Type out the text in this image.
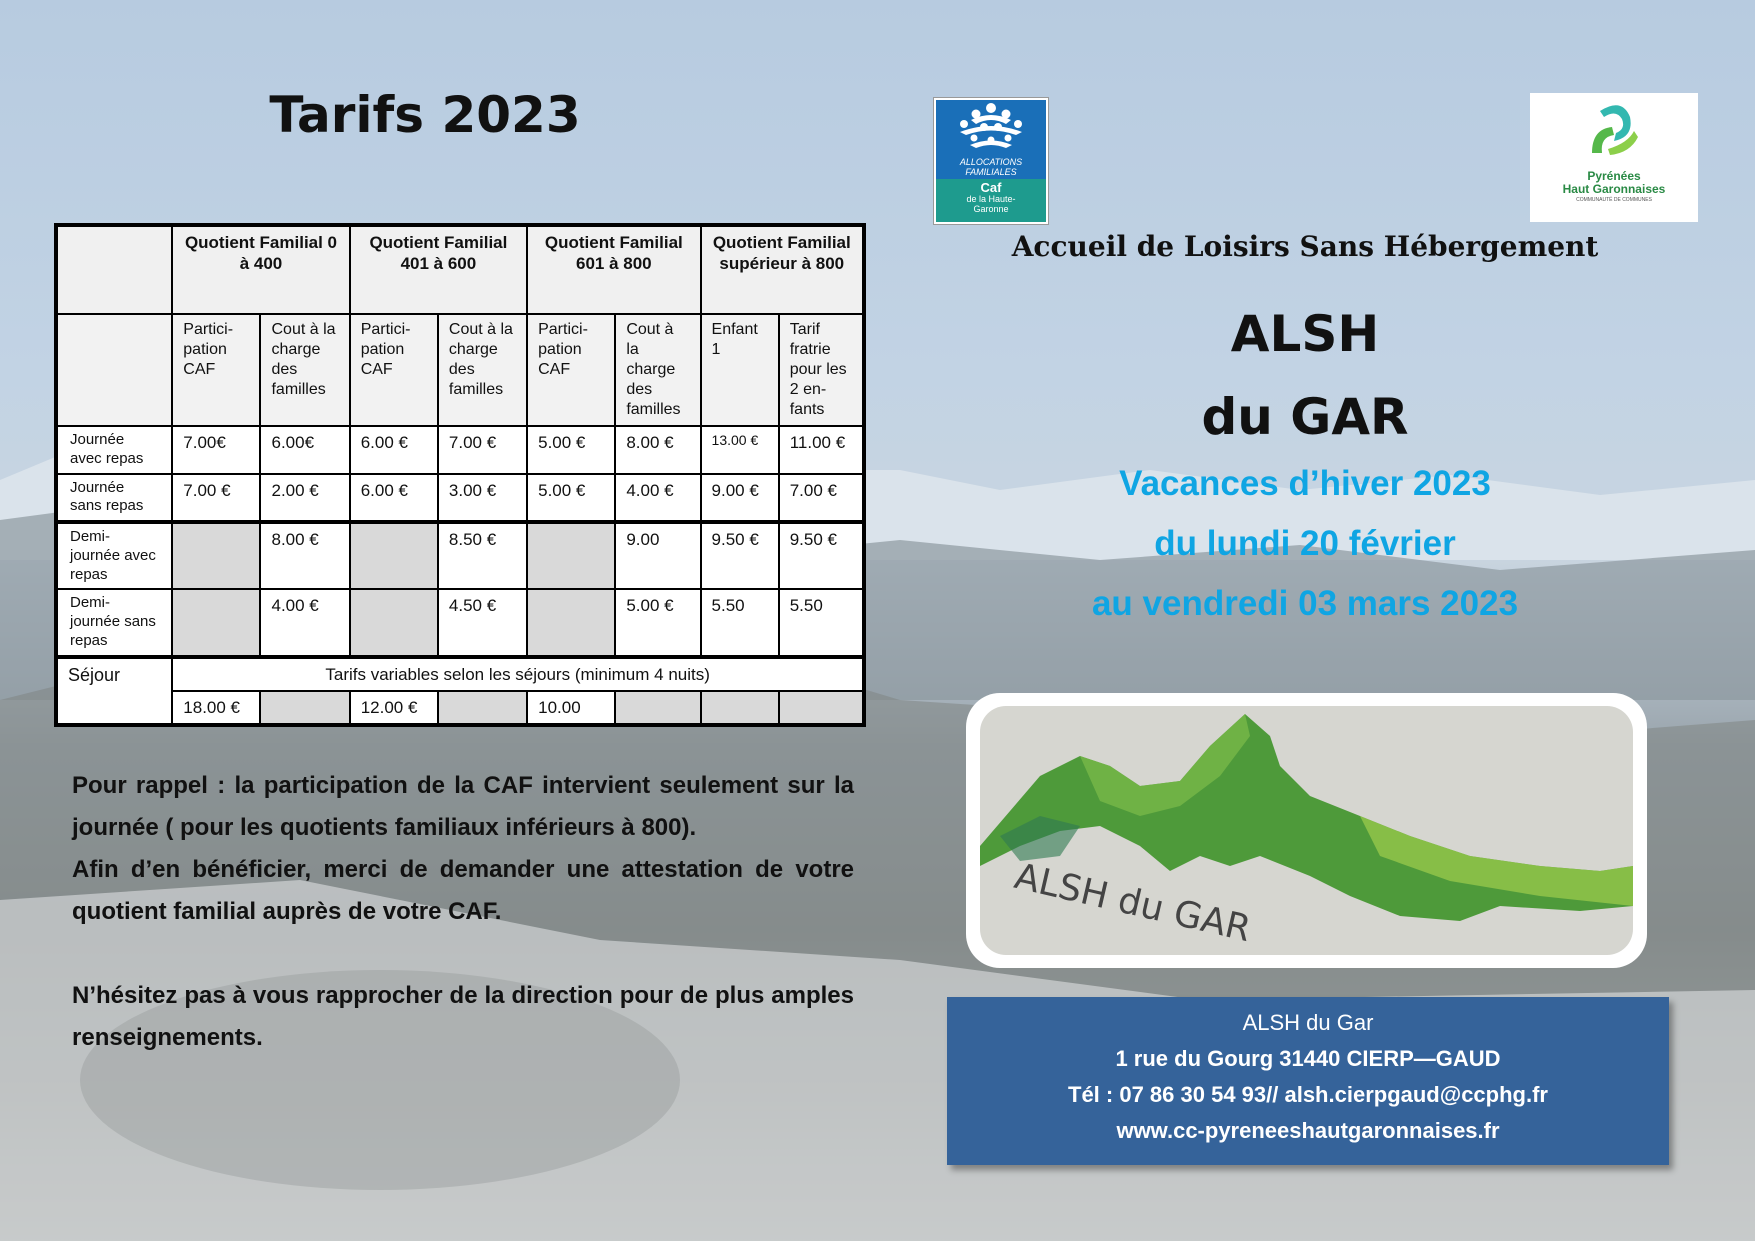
Tarifs 2023
	Quotient Familial 0 à 400		Quotient Familial 401 à 600		Quotient Familial 601 à 800		Quotient Familial supérieur à 800	
	Partici-pation CAF	Cout à la charge des familles	Partici-pation CAF	Cout à la charge des familles	Partici-pation CAF	Cout à la charge des familles	Enfant 1	Tarif fratrie pour les 2 en-fants
Journée avec repas	7.00€	6.00€	6.00 €	7.00 €	5.00 €	8.00 €	13.00 €	11.00 €
Journée sans repas	7.00 €	2.00 €	6.00 €	3.00 €	5.00 €	4.00 €	9.00 €	7.00 €
Demi-journée avec repas		8.00 €		8.50 €		9.00	9.50 €	9.50 €
Demi-journée sans repas		4.00 €		4.50 €		5.00 €	5.50	5.50
Séjour	Tarifs variables selon les séjours (minimum 4 nuits)							
	18.00 €		12.00 €		10.00			

Pour rappel : la participation de la CAF intervient seulement sur la journée ( pour les quotients familiaux inférieurs à 800).

Afin d’en bénéficier, merci de demander une attestation de votre quotient familial auprès de votre CAF.

N’hésitez pas à vous rapprocher de la direction pour de plus amples renseignements.

ALLOCATIONS
FAMILIALES
Caf
de la Haute-
Garonne
Pyrénées
Haut Garonnaises
COMMUNAUTÉ DE COMMUNES
Accueil de Loisirs Sans Hébergement
ALSH
du GAR
Vacances d’hiver 2023
du lundi 20 février
au vendredi 03 mars 2023
ALSH du GAR
ALSH du Gar
1 rue du Gourg 31440 CIERP—GAUD
Tél : 07 86 30 54 93// alsh.cierpgaud@ccphg.fr
www.cc-pyreneeshautgaronnaises.fr
